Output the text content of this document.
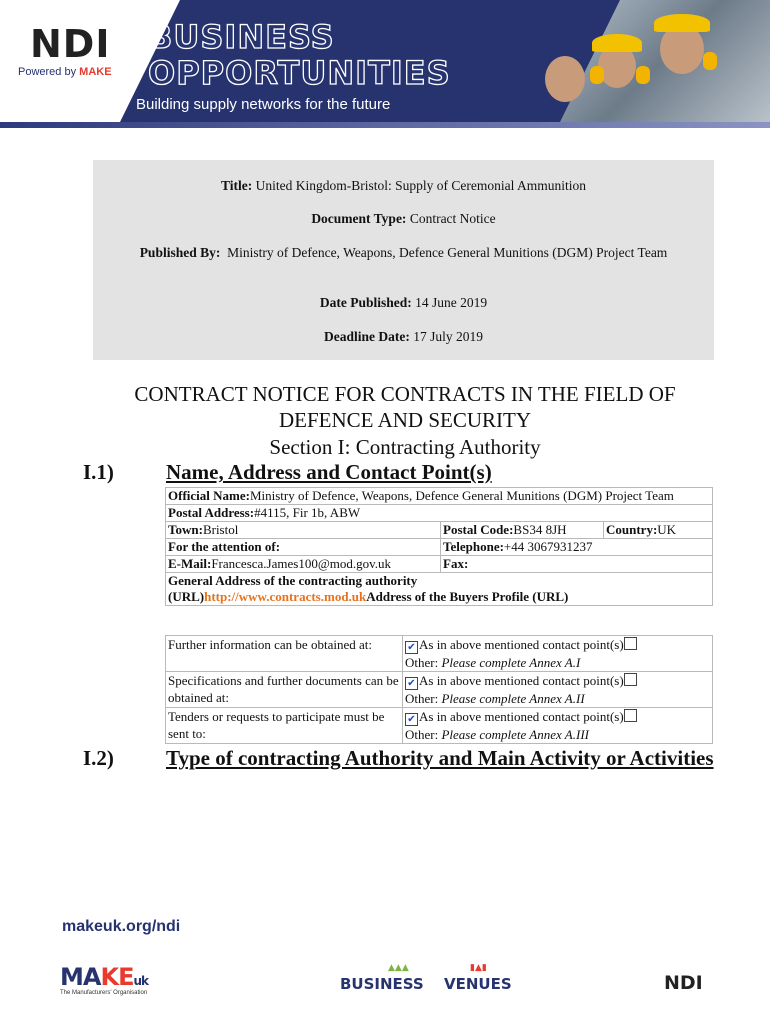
NDI
Powered by MAKE
BUSINESS
OPPORTUNITIES
Building supply networks for the future
Title: United Kingdom-Bristol: Supply of Ceremonial Ammunition
Document Type: Contract Notice
Published By: Ministry of Defence, Weapons, Defence General Munitions (DGM) Project Team
Date Published: 14 June 2019
Deadline Date: 17 July 2019
CONTRACT NOTICE FOR CONTRACTS IN THE FIELD OF
DEFENCE AND SECURITY
Section I: Contracting Authority
I.1) Name, Address and Contact Point(s)
Official Name:Ministry of Defence, Weapons, Defence General Munitions (DGM) Project Team		
Postal Address:#4115, Fir 1b, ABW		
Town:Bristol	Postal Code:BS34 8JH	Country:UK
For the attention of:	Telephone:+44 3067931237	
E-Mail:Francesca.James100@mod.gov.uk	Fax:	
General Address of the contracting authority
(URL)http://www.contracts.mod.ukAddress of the Buyers Profile (URL)		
Further information can be obtained at:	✔ As in above mentioned contact point(s)
Other: Please complete Annex A.I
Specifications and further documents can be obtained at:	✔ As in above mentioned contact point(s)
Other: Please complete Annex A.II
Tenders or requests to participate must be sent to:	✔ As in above mentioned contact point(s)
Other: Please complete Annex A.III
I.2) Type of contracting Authority and Main Activity or Activities
makeuk.org/ndi
MAKEuk
The Manufacturers' Organisation
▲▲▲
BUSINESS
▮▲▮
VENUES	NDI
